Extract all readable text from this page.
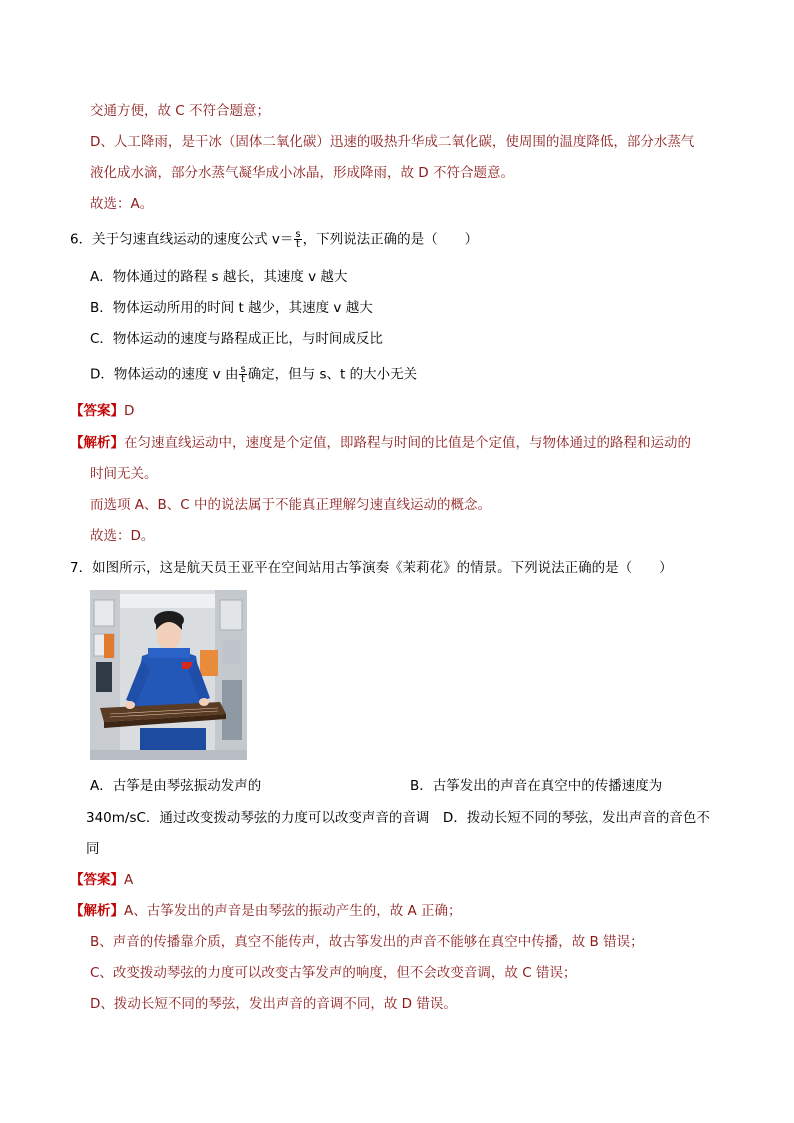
交通方便，故 C 不符合题意；
D、人工降雨，是干冰（固体二氧化碳）迅速的吸热升华成二氧化碳，使周围的温度降低，部分水蒸气
液化成水滴，部分水蒸气凝华成小冰晶，形成降雨，故 D 不符合题意。
故选：A。
6．关于匀速直线运动的速度公式 $v= \frac{s}{t}$ ，下列说法正确的是（　　）
A．物体通过的路程 s 越长，其速度 v 越大
B．物体运动所用的时间 t 越少，其速度 v 越大
C．物体运动的速度与路程成正比，与时间成反比
D．物体运动的速度 v 由 $\frac{s}{t}$ 确定，但与 s、t 的大小无关
【答案】D
【解析】在匀速直线运动中，速度是个定值，即路程与时间的比值是个定值，与物体通过的路程和运动的
时间无关。
而选项 A、B、C 中的说法属于不能真正理解匀速直线运动的概念。
故选：D。
7．如图所示，这是航天员王亚平在空间站用古筝演奏《茉莉花》的情景。下列说法正确的是（　　）
A．古筝是由琴弦振动发声的	B．古筝发出的声音在真空中的传播速度为
340m/sC．通过改变拨动琴弦的力度可以改变声音的音调　D．拨动长短不同的琴弦，发出声音的音色不
同
【答案】A
【解析】A、古筝发出的声音是由琴弦的振动产生的，故 A 正确；
B、声音的传播靠介质，真空不能传声，故古筝发出的声音不能够在真空中传播，故 B 错误；
C、改变拨动琴弦的力度可以改变古筝发声的响度，但不会改变音调，故 C 错误；
D、拨动长短不同的琴弦，发出声音的音调不同，故 D 错误。
